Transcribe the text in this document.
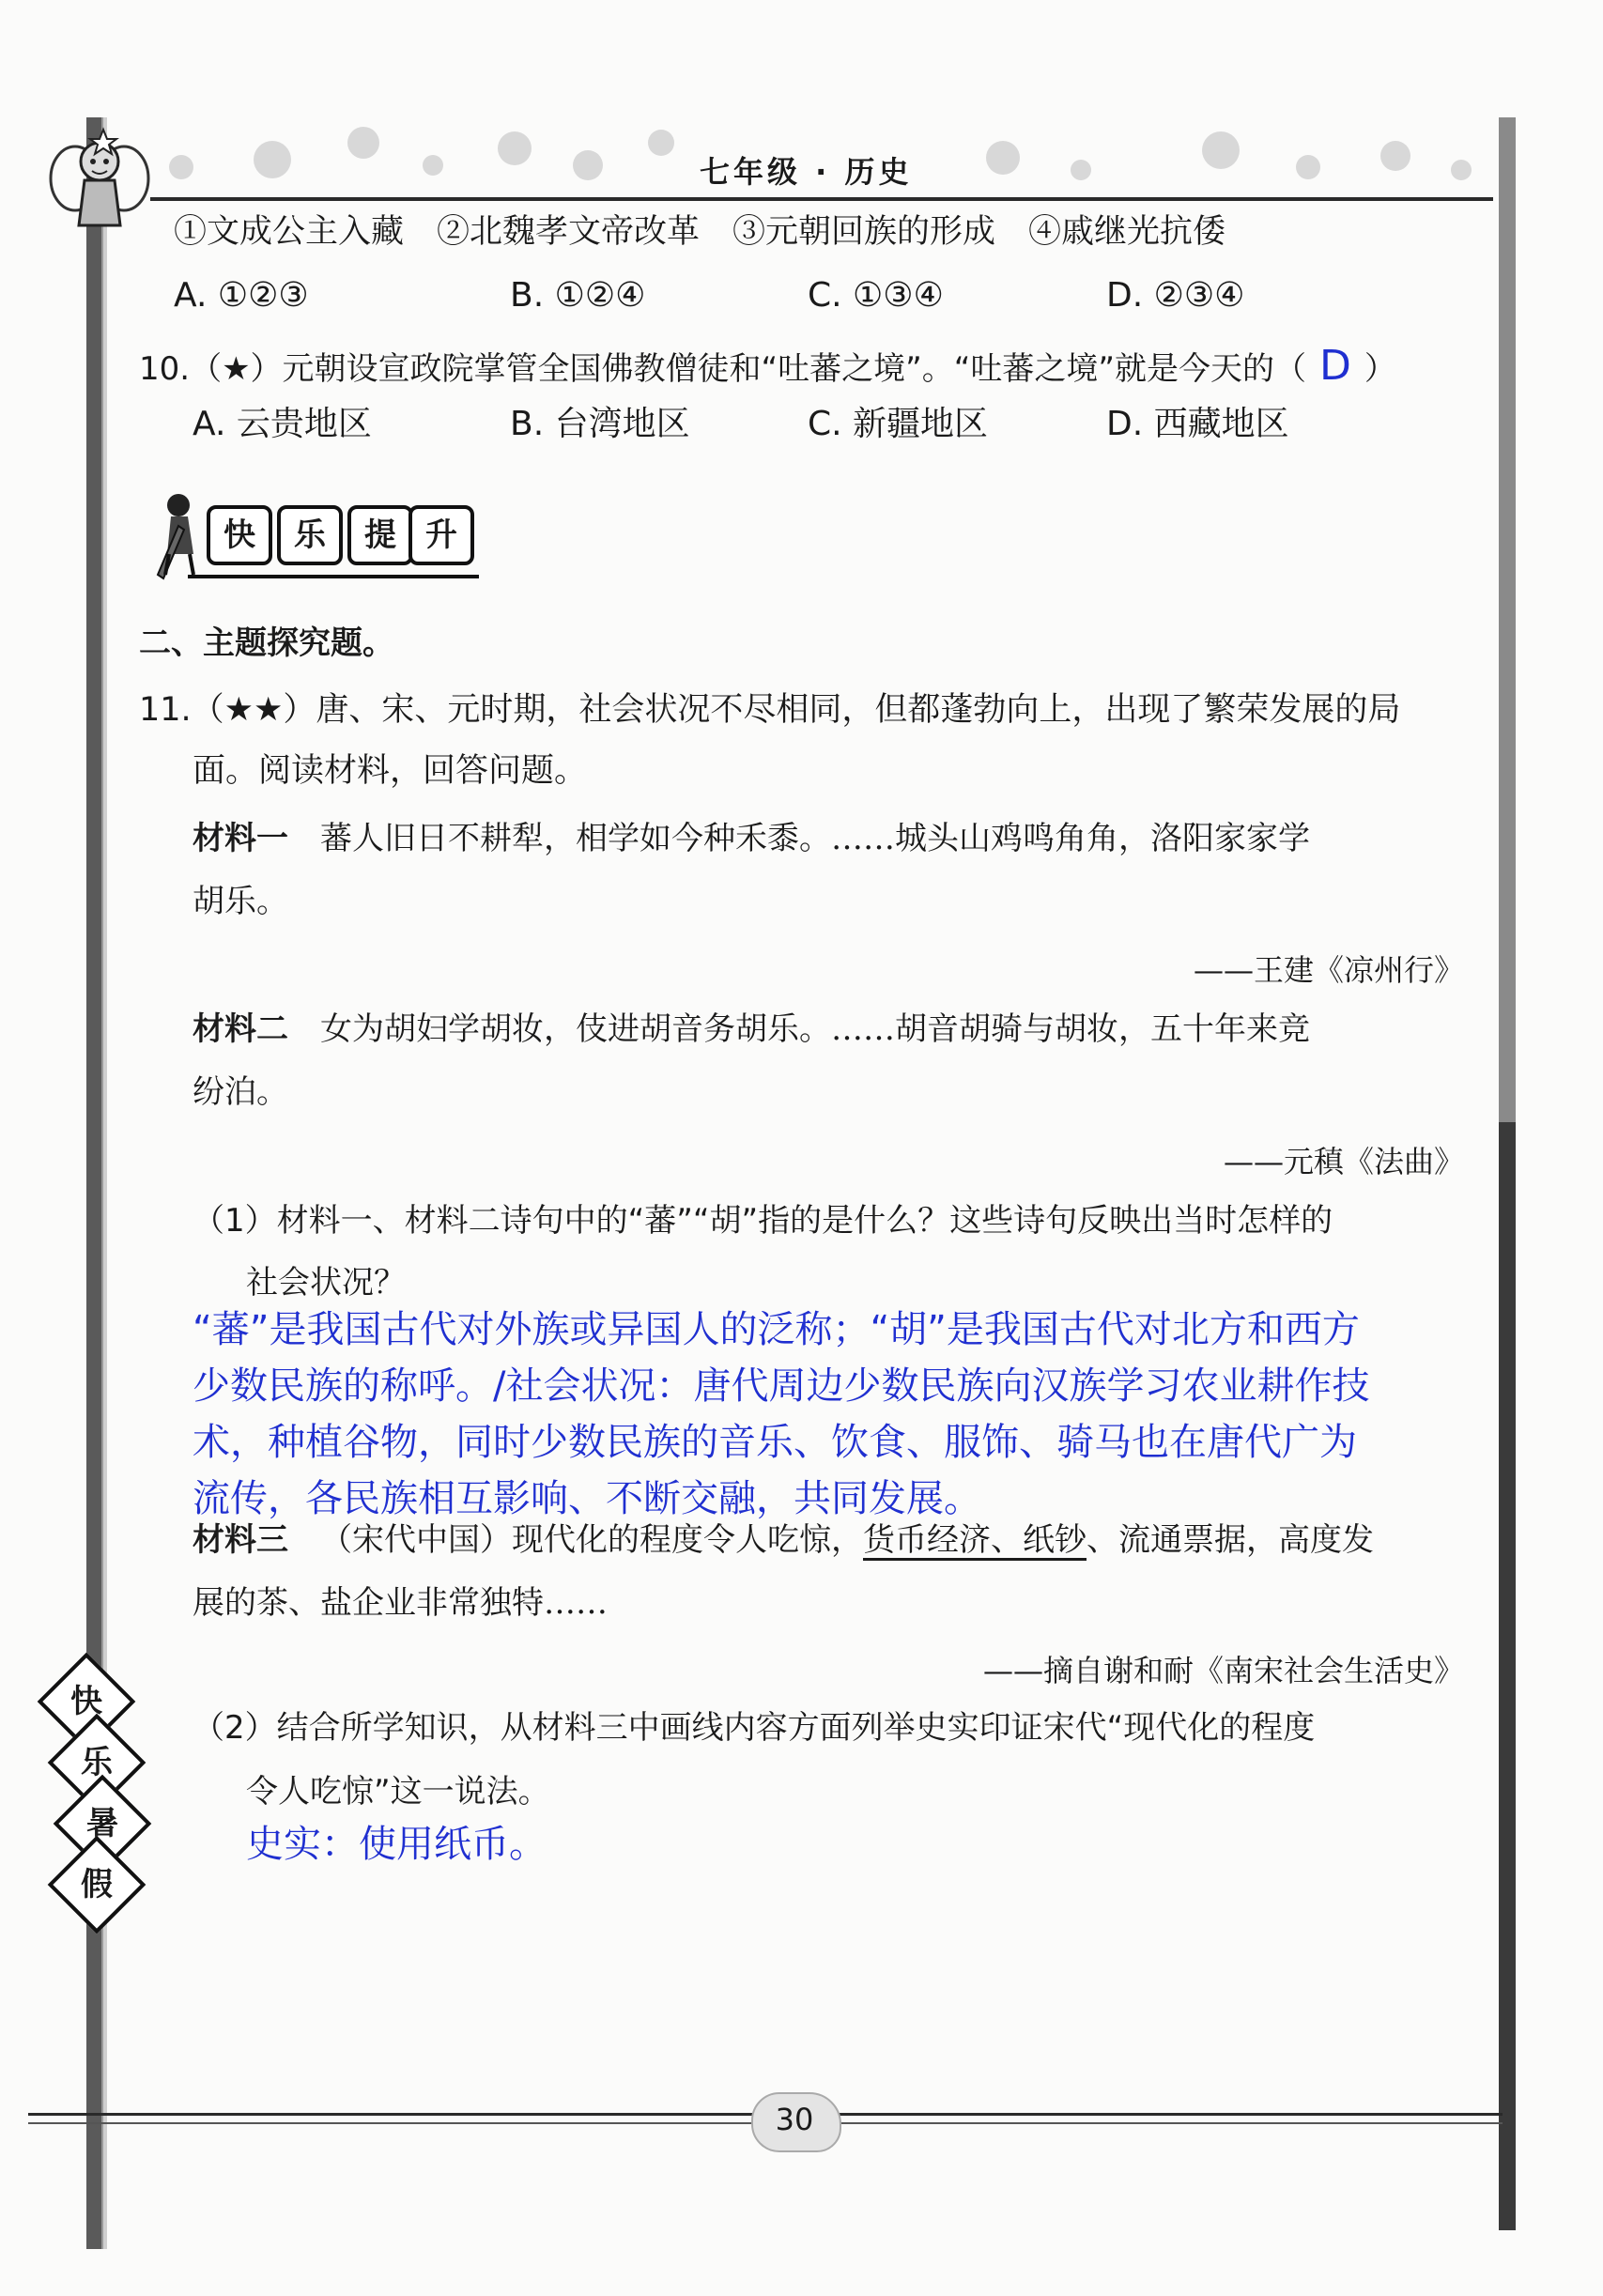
七年级 · 历史
①文成公主入藏　②北魏孝文帝改革　③元朝回族的形成　④戚继光抗倭
A. ①②③	B. ①②④	C. ①③④	D. ②③④
10.（★）元朝设宣政院掌管全国佛教僧徒和“吐蕃之境”。“吐蕃之境”就是今天的（ D ）
A. 云贵地区	B. 台湾地区	C. 新疆地区	D. 西藏地区
快	乐	提 升
二、主题探究题。
11.（★★）唐、宋、元时期，社会状况不尽相同，但都蓬勃向上，出现了繁荣发展的局
面。阅读材料，回答问题。
材料一 蕃人旧日不耕犁，相学如今种禾黍。……城头山鸡鸣角角，洛阳家家学
胡乐。
——王建《凉州行》
材料二 女为胡妇学胡妆，伎进胡音务胡乐。……胡音胡骑与胡妆，五十年来竞
纷泊。
——元稹《法曲》
（1）材料一、材料二诗句中的“蕃”“胡”指的是什么？这些诗句反映出当时怎样的
社会状况？
“蕃”是我国古代对外族或异国人的泛称；“胡”是我国古代对北方和西方
少数民族的称呼。/社会状况：唐代周边少数民族向汉族学习农业耕作技
术，种植谷物，同时少数民族的音乐、饮食、服饰、骑马也在唐代广为
流传，各民族相互影响、不断交融，共同发展。
材料三 （宋代中国）现代化的程度令人吃惊，货币经济、纸钞、流通票据，高度发
展的茶、盐企业非常独特……
——摘自谢和耐《南宋社会生活史》
（2）结合所学知识，从材料三中画线内容方面列举史实印证宋代“现代化的程度
令人吃惊”这一说法。
史实：使用纸币。
快
乐
暑
假
30
